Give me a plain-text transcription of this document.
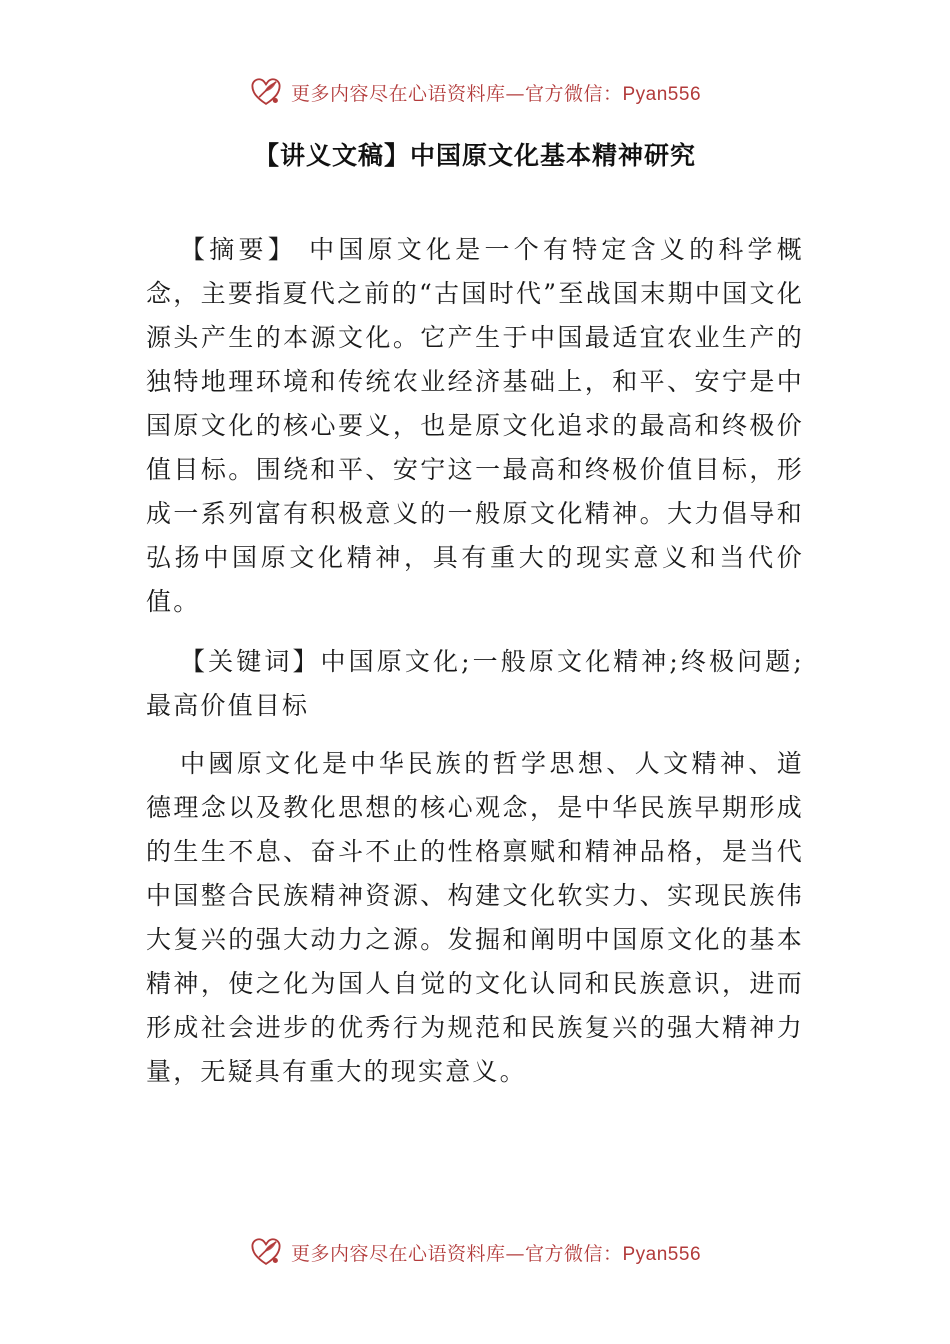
更多内容尽在心语资料库—官方微信：Pyan556
【讲义文稿】中国原文化基本精神研究

【摘要】 中国原文化是一个有特定含义的科学概念，主要指夏代之前的“古国时代”至战国末期中国文化源头产生的本源文化。它产生于中国最适宜农业生产的独特地理环境和传统农业经济基础上，和平、安宁是中国原文化的核心要义，也是原文化追求的最高和终极价值目标。围绕和平、安宁这一最高和终极价值目标，形成一系列富有积极意义的一般原文化精神。大力倡导和弘扬中国原文化精神，具有重大的现实意义和当代价值。

【关键词】中国原文化;一般原文化精神;终极问题;最高价值目标

中國原文化是中华民族的哲学思想、人文精神、道德理念以及教化思想的核心观念，是中华民族早期形成的生生不息、奋斗不止的性格禀赋和精神品格，是当代中国整合民族精神资源、构建文化软实力、实现民族伟大复兴的强大动力之源。发掘和阐明中国原文化的基本精神，使之化为国人自觉的文化认同和民族意识，进而形成社会进步的优秀行为规范和民族复兴的强大精神力量，无疑具有重大的现实意义。

更多内容尽在心语资料库—官方微信：Pyan556
